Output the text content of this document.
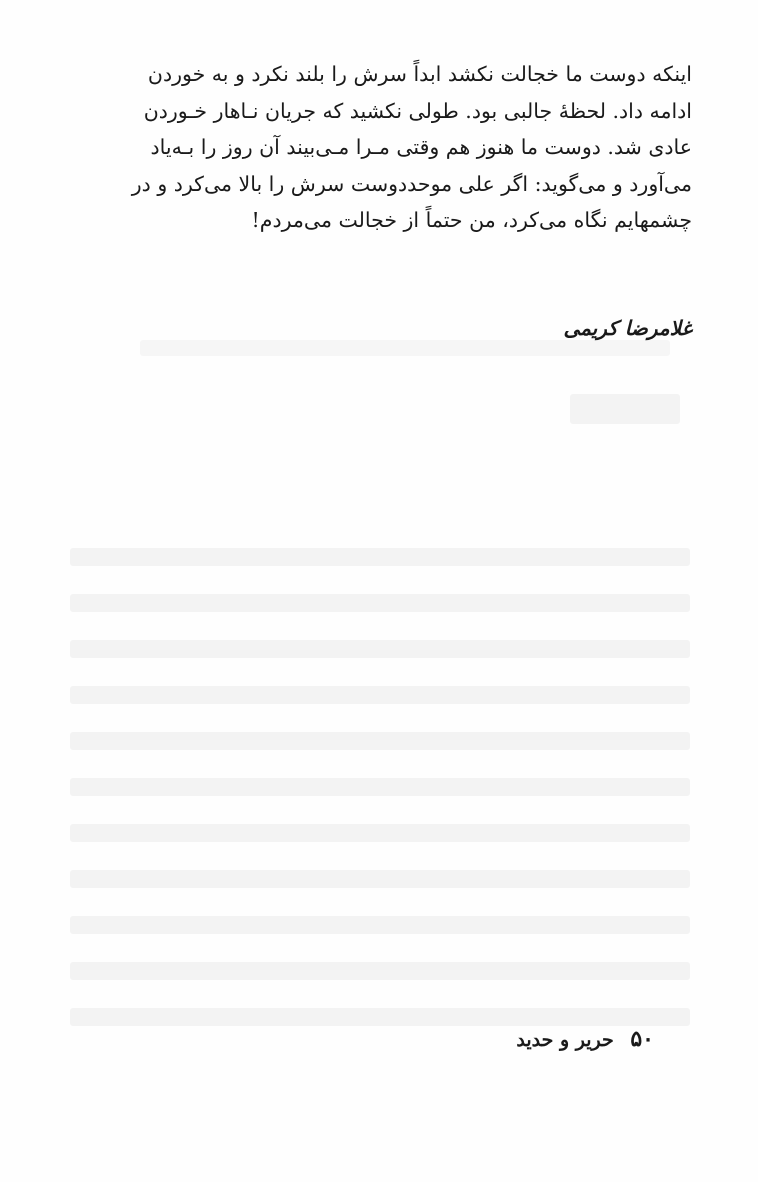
اینکه دوست ما خجالت نکشد ابداً سرش را بلند نکرد و به خوردن

ادامه داد. لحظهٔ جالبی بود. طولی نکشید که جریان نـاهار خـوردن

عادی شد. دوست ما هنوز هم وقتی مـرا مـی‌بیند آن روز را بـه‌یاد

می‌آورد و می‌گوید: اگر علی موحددوست سرش را بالا می‌کرد و در

چشمهایم نگاه می‌کرد، من حتماً از خجالت می‌مردم!

غلامرضا کریمی
۵۰ حریر و حدید
